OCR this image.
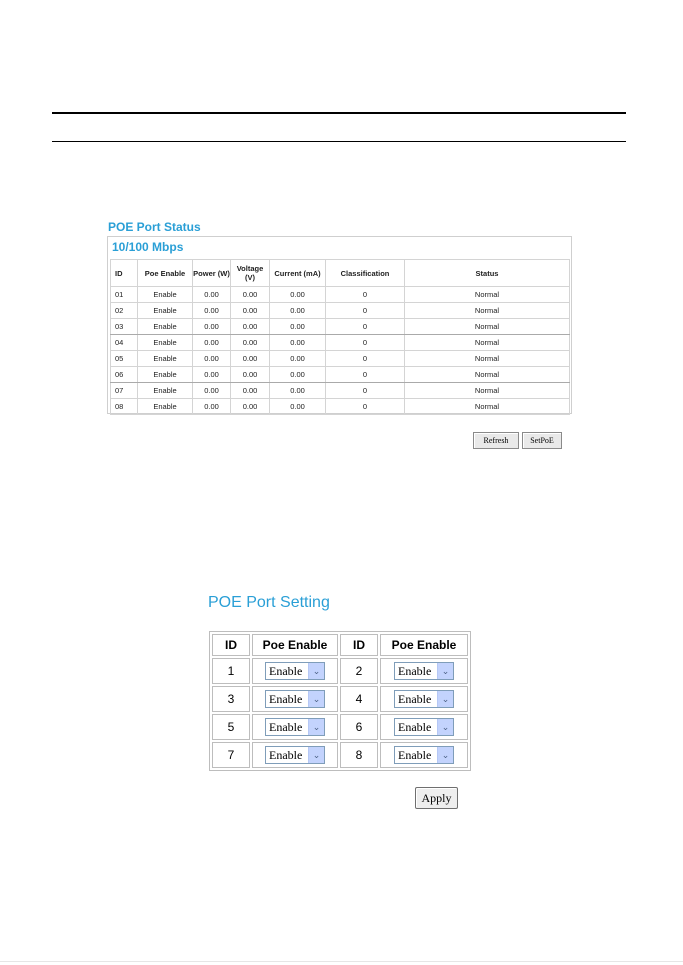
POE Port Status
10/100 Mbps
ID	Poe Enable	Power (W)	Voltage (V)	Current (mA)	Classification	Status
01	Enable	0.00	0.00	0.00	0	Normal
02	Enable	0.00	0.00	0.00	0	Normal
03	Enable	0.00	0.00	0.00	0	Normal
04	Enable	0.00	0.00	0.00	0	Normal
05	Enable	0.00	0.00	0.00	0	Normal
06	Enable	0.00	0.00	0.00	0	Normal
07	Enable	0.00	0.00	0.00	0	Normal
08	Enable	0.00	0.00	0.00	0	Normal
Refresh	SetPoE
POE Port Setting
ID	Poe Enable	ID	Poe Enable
1	Enable ⌄	2	Enable ⌄

3	Enable ⌄	4	Enable ⌄

5	Enable ⌄	6	Enable ⌄

7	Enable ⌄	8	Enable ⌄
Apply
